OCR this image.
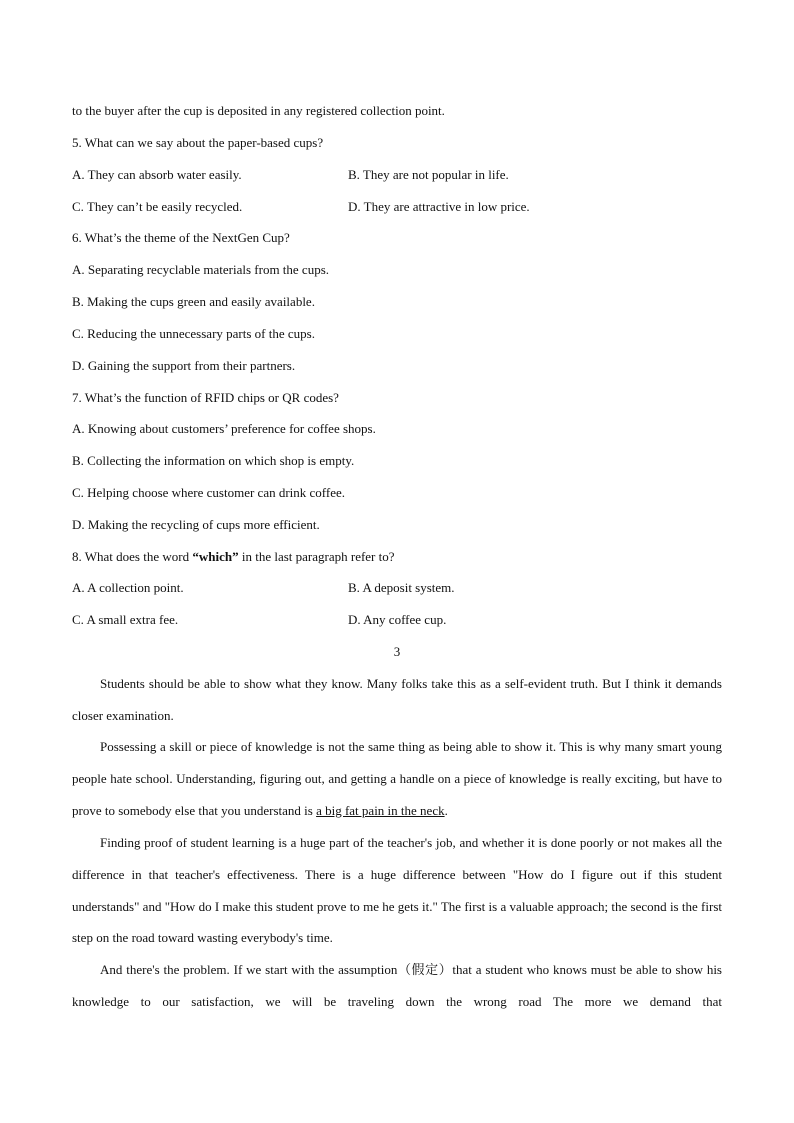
to the buyer after the cup is deposited in any registered collection point.
5. What can we say about the paper-based cups?
A. They can absorb water easily.	B. They are not popular in life.
C. They can’t be easily recycled.	D. They are attractive in low price.
6. What’s the theme of the NextGen Cup?
A. Separating recyclable materials from the cups.
B. Making the cups green and easily available.
C. Reducing the unnecessary parts of the cups.
D. Gaining the support from their partners.
7. What’s the function of RFID chips or QR codes?
A. Knowing about customers’ preference for coffee shops.
B. Collecting the information on which shop is empty.
C. Helping choose where customer can drink coffee.
D. Making the recycling of cups more efficient.
8. What does the word “which” in the last paragraph refer to?
A. A collection point.	B. A deposit system.
C. A small extra fee.	D. Any coffee cup.
3

Students should be able to show what they know. Many folks take this as a self-evident truth. But I think it demands closer examination.

Possessing a skill or piece of knowledge is not the same thing as being able to show it. This is why many smart young people hate school. Understanding, figuring out, and getting a handle on a piece of knowledge is really exciting, but have to prove to somebody else that you understand is a big fat pain in the neck.

Finding proof of student learning is a huge part of the teacher's job, and whether it is done poorly or not makes all the difference in that teacher's effectiveness. There is a huge difference between "How do I figure out if this student understands" and "How do I make this student prove to me he gets it." The first is a valuable approach; the second is the first step on the road toward wasting everybody's time.

And there's the problem. If we start with the assumption（假定）that a student who knows must be able to show his knowledge to our satisfaction, we will be traveling down the wrong road The more we demand that
